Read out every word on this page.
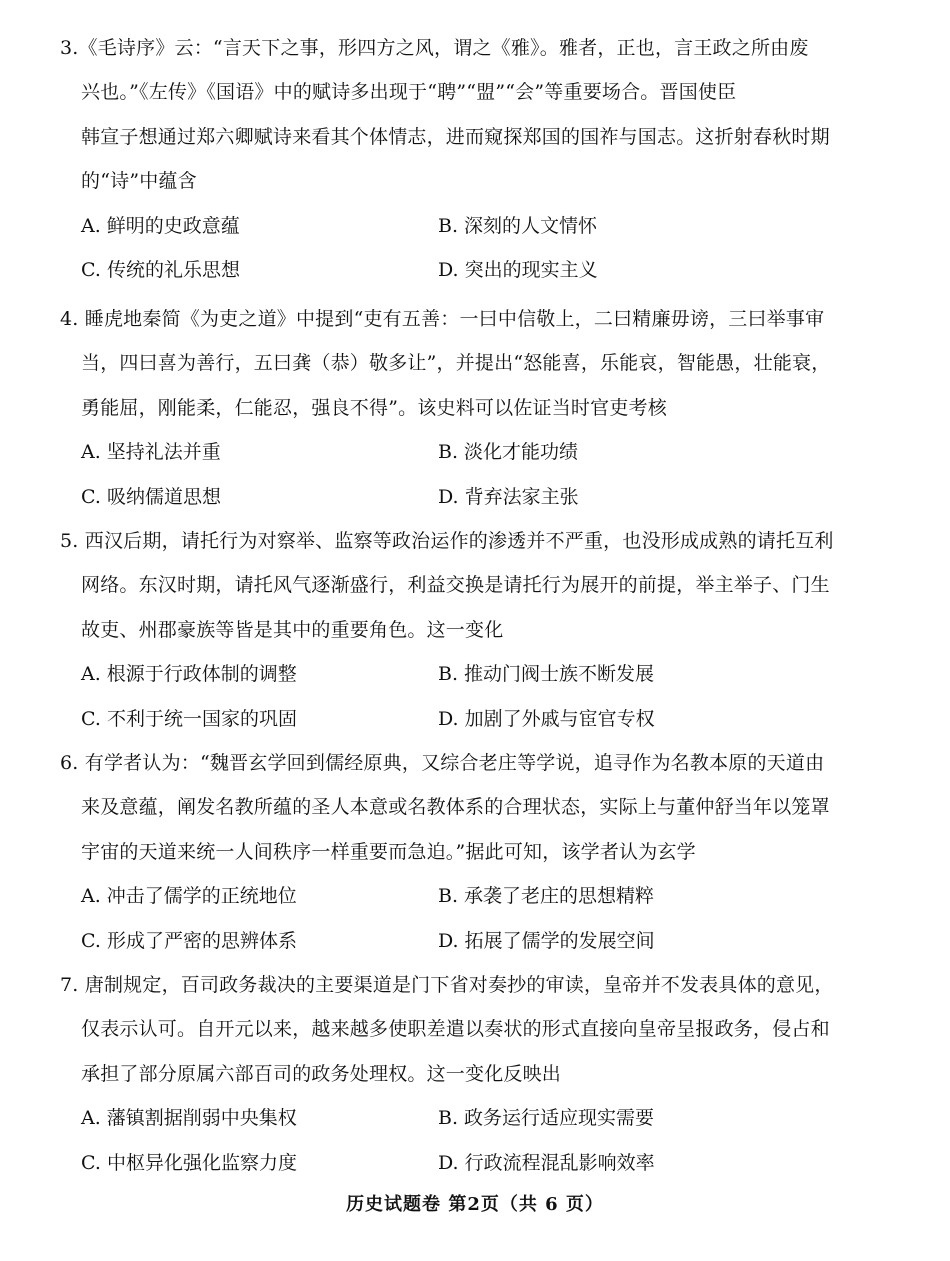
3.《毛诗序》云：“言天下之事，形四方之风，谓之《雅》。雅者，正也，言王政之所由废
兴也。”《左传》《国语》中的赋诗多出现于“聘”“盟”“会”等重要场合。晋国使臣
韩宣子想通过郑六卿赋诗来看其个体情志，进而窥探郑国的国祚与国志。这折射春秋时期
的“诗”中蕴含
A. 鲜明的史政意蕴	B. 深刻的人文情怀
C. 传统的礼乐思想	D. 突出的现实主义
4. 睡虎地秦简《为吏之道》中提到“吏有五善：一曰中信敬上，二曰精廉毋谤，三曰举事审
当，四曰喜为善行，五曰龚（恭）敬多让”，并提出“怒能喜，乐能哀，智能愚，壮能衰，
勇能屈，刚能柔，仁能忍，强良不得”。该史料可以佐证当时官吏考核
A. 坚持礼法并重	B. 淡化才能功绩
C. 吸纳儒道思想	D. 背弃法家主张
5. 西汉后期，请托行为对察举、监察等政治运作的渗透并不严重，也没形成成熟的请托互利
网络。东汉时期，请托风气逐渐盛行，利益交换是请托行为展开的前提，举主举子、门生
故吏、州郡豪族等皆是其中的重要角色。这一变化
A. 根源于行政体制的调整	B. 推动门阀士族不断发展
C. 不利于统一国家的巩固	D. 加剧了外戚与宦官专权
6. 有学者认为：“魏晋玄学回到儒经原典，又综合老庄等学说，追寻作为名教本原的天道由
来及意蕴，阐发名教所蕴的圣人本意或名教体系的合理状态，实际上与董仲舒当年以笼罩
宇宙的天道来统一人间秩序一样重要而急迫。”据此可知，该学者认为玄学
A. 冲击了儒学的正统地位	B. 承袭了老庄的思想精粹
C. 形成了严密的思辨体系	D. 拓展了儒学的发展空间
7. 唐制规定，百司政务裁决的主要渠道是门下省对奏抄的审读，皇帝并不发表具体的意见，
仅表示认可。自开元以来，越来越多使职差遣以奏状的形式直接向皇帝呈报政务，侵占和
承担了部分原属六部百司的政务处理权。这一变化反映出
A. 藩镇割据削弱中央集权	B. 政务运行适应现实需要
C. 中枢异化强化监察力度	D. 行政流程混乱影响效率
历史试题卷 第2页（共 6 页）
